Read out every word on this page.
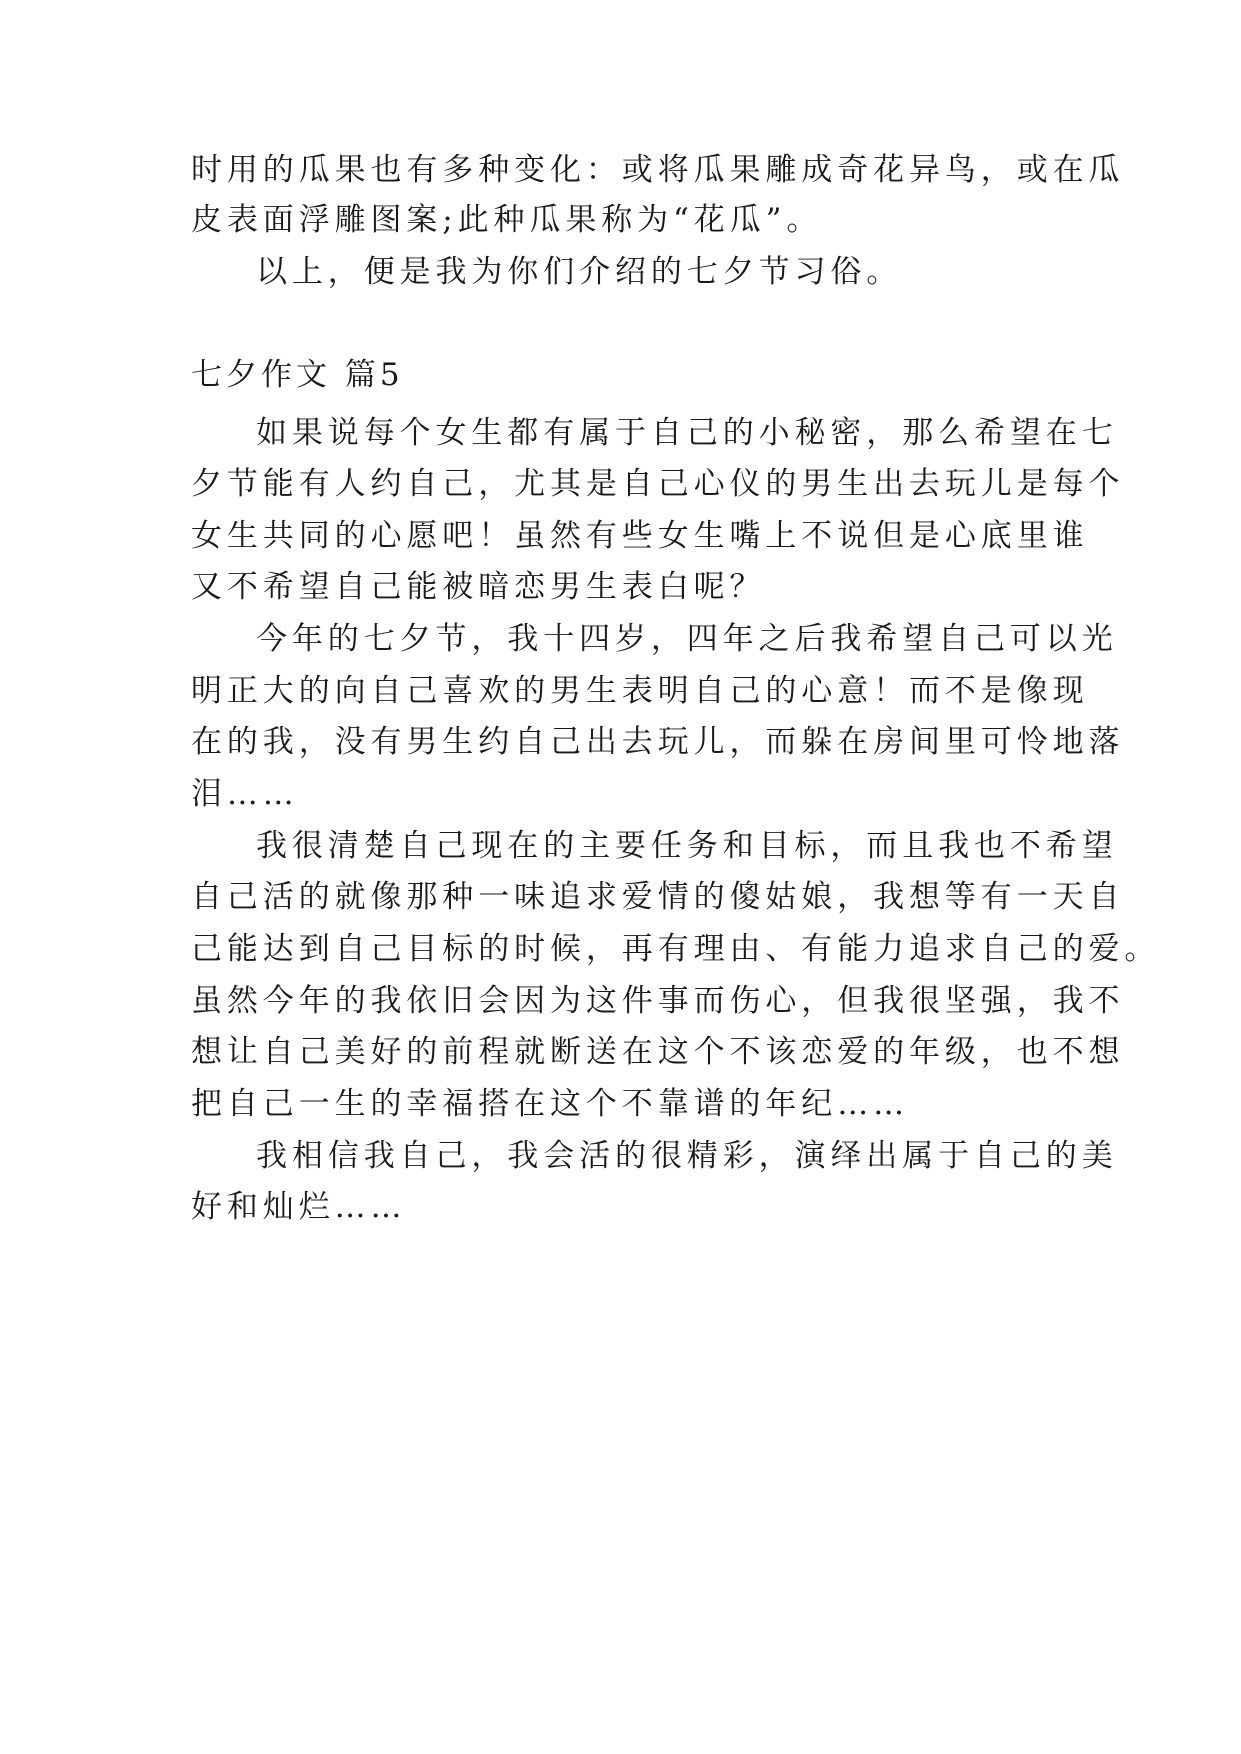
时用的瓜果也有多种变化：或将瓜果雕成奇花异鸟，或在瓜
皮表面浮雕图案;此种瓜果称为“花瓜”。
以上，便是我为你们介绍的七夕节习俗。
七夕作文 篇5
如果说每个女生都有属于自己的小秘密，那么希望在七
夕节能有人约自己，尤其是自己心仪的男生出去玩儿是每个
女生共同的心愿吧！虽然有些女生嘴上不说但是心底里谁
又不希望自己能被暗恋男生表白呢？
今年的七夕节，我十四岁，四年之后我希望自己可以光
明正大的向自己喜欢的男生表明自己的心意！而不是像现
在的我，没有男生约自己出去玩儿，而躲在房间里可怜地落
泪……
我很清楚自己现在的主要任务和目标，而且我也不希望
自己活的就像那种一味追求爱情的傻姑娘，我想等有一天自
己能达到自己目标的时候，再有理由、有能力追求自己的爱。
虽然今年的我依旧会因为这件事而伤心，但我很坚强，我不
想让自己美好的前程就断送在这个不该恋爱的年级，也不想
把自己一生的幸福搭在这个不靠谱的年纪……
我相信我自己，我会活的很精彩，演绎出属于自己的美
好和灿烂……
